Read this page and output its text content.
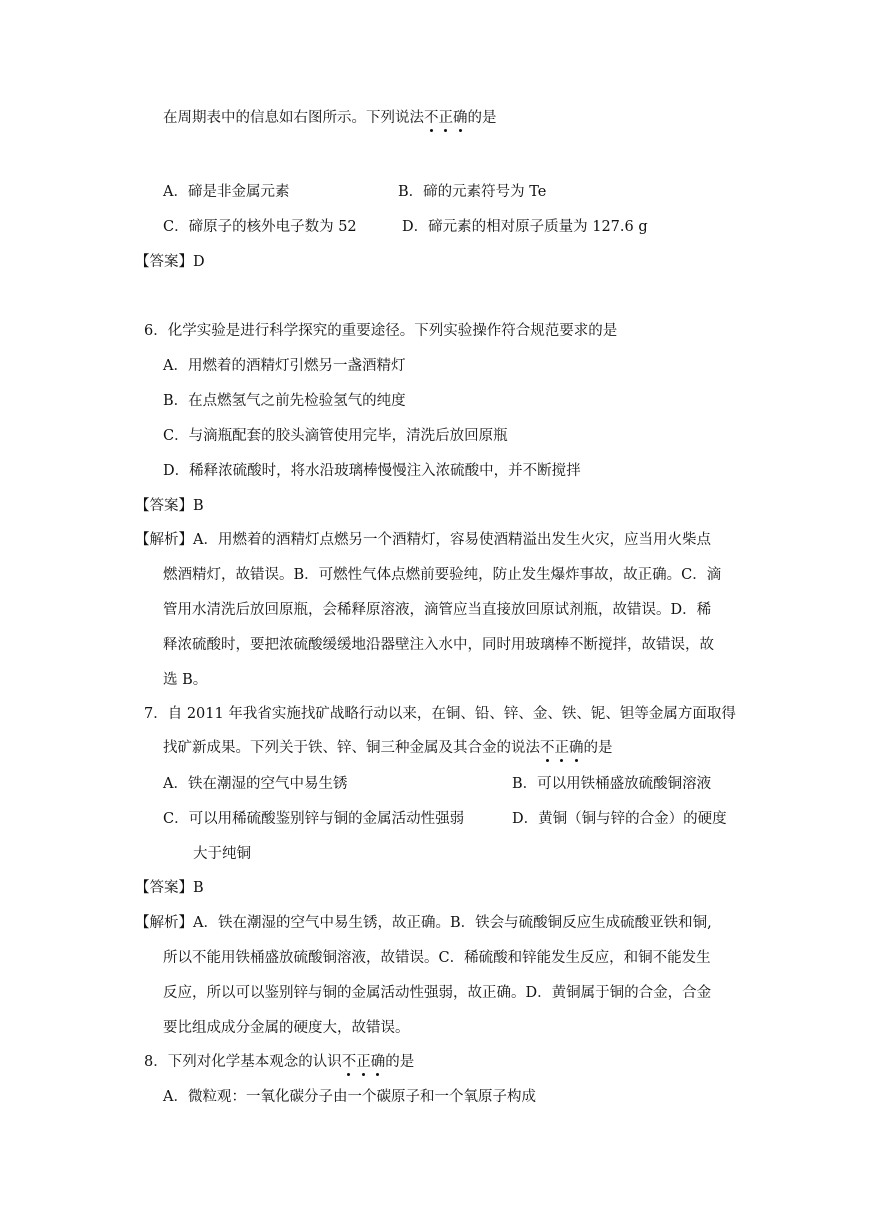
在周期表中的信息如右图所示。下列说法不正确的是
A．碲是非金属元素	B．碲的元素符号为 Te
C．碲原子的核外电子数为 52	D．碲元素的相对原子质量为 127.6 g
【答案】D
6．化学实验是进行科学探究的重要途径。下列实验操作符合规范要求的是
A．用燃着的酒精灯引燃另一盏酒精灯
B．在点燃氢气之前先检验氢气的纯度
C．与滴瓶配套的胶头滴管使用完毕，清洗后放回原瓶
D．稀释浓硫酸时，将水沿玻璃棒慢慢注入浓硫酸中，并不断搅拌
【答案】B
【解析】A．用燃着的酒精灯点燃另一个酒精灯，容易使酒精溢出发生火灾，应当用火柴点
燃酒精灯，故错误。B．可燃性气体点燃前要验纯，防止发生爆炸事故，故正确。C．滴
管用水清洗后放回原瓶，会稀释原溶液，滴管应当直接放回原试剂瓶，故错误。D．稀
释浓硫酸时，要把浓硫酸缓缓地沿器壁注入水中，同时用玻璃棒不断搅拌，故错误，故
选 B。
7．自 2011 年我省实施找矿战略行动以来，在铜、铅、锌、金、铁、铌、钽等金属方面取得
找矿新成果。下列关于铁、锌、铜三种金属及其合金的说法不正确的是
A．铁在潮湿的空气中易生锈	B．可以用铁桶盛放硫酸铜溶液
C．可以用稀硫酸鉴别锌与铜的金属活动性强弱	D．黄铜（铜与锌的合金）的硬度
大于纯铜
【答案】B
【解析】A．铁在潮湿的空气中易生锈，故正确。B．铁会与硫酸铜反应生成硫酸亚铁和铜,
所以不能用铁桶盛放硫酸铜溶液，故错误。C．稀硫酸和锌能发生反应，和铜不能发生
反应，所以可以鉴别锌与铜的金属活动性强弱，故正确。D．黄铜属于铜的合金，合金
要比组成成分金属的硬度大，故错误。
8．下列对化学基本观念的认识不正确的是
A．微粒观：一氧化碳分子由一个碳原子和一个氧原子构成
